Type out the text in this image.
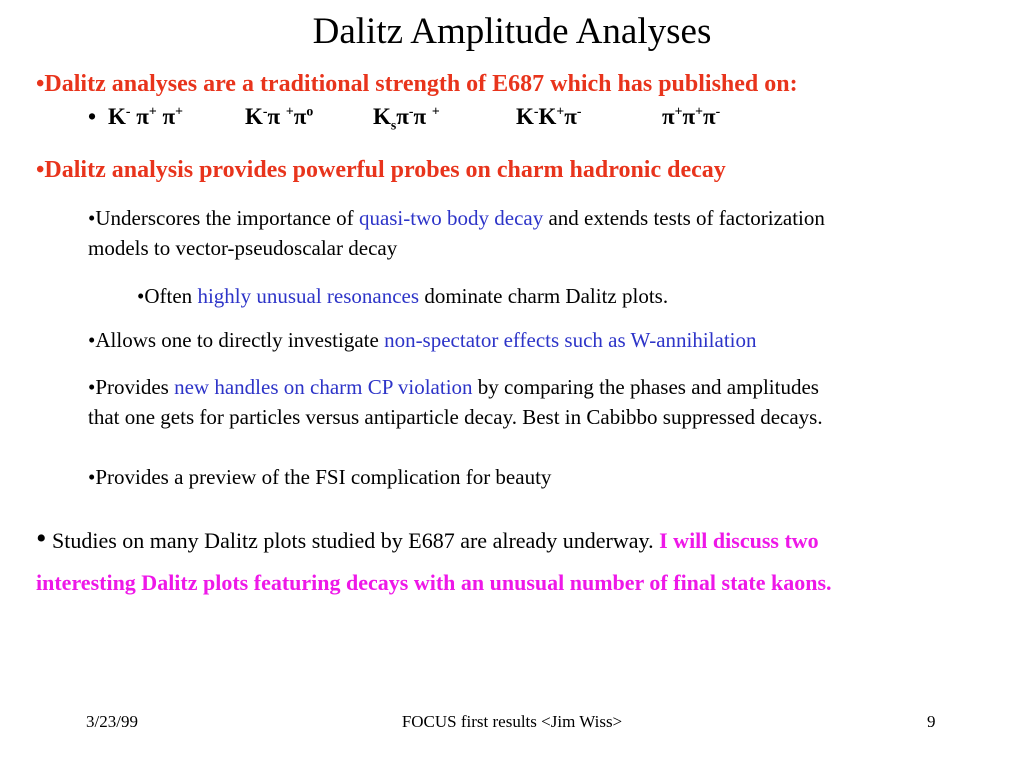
Dalitz Amplitude Analyses
•Dalitz analyses are a traditional strength of E687 which has published on:
• K- π+ π+	K-π $^+\pi^o$	$K_s\pi^-\pi$ +	K-K+π-	π+π+π-
•Dalitz analysis provides powerful probes on charm hadronic decay
•Underscores the importance of quasi-two body decay and extends tests of factorization
models to vector-pseudoscalar decay
•Often highly unusual resonances dominate charm Dalitz plots.
•Allows one to directly investigate non-spectator effects such as W-annihilation
•Provides new handles on charm CP violation by comparing the phases and amplitudes
that one gets for particles versus antiparticle decay. Best in Cabibbo suppressed decays.
•Provides a preview of the FSI complication for beauty
• Studies on many Dalitz plots studied by E687 are already underway. I will discuss two
interesting Dalitz plots featuring decays with an unusual number of final state kaons.
3/23/99	FOCUS first results <Jim Wiss>	9
